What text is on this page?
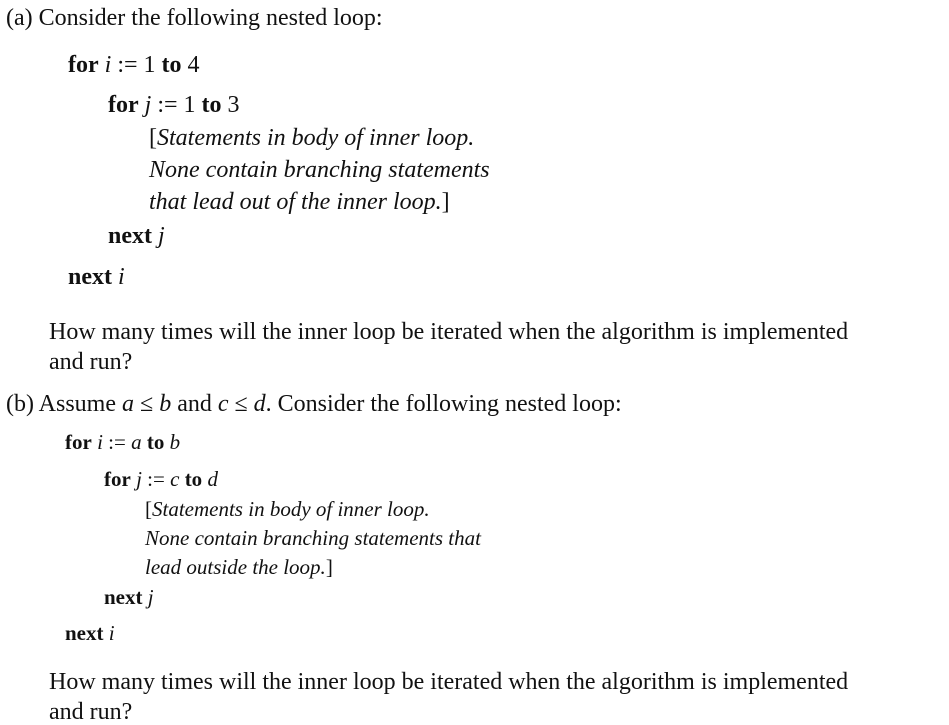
(a) Consider the following nested loop:
for i := 1 to 4
for j := 1 to 3
[Statements in body of inner loop.
None contain branching statements
that lead out of the inner loop.]
next j
next i
How many times will the inner loop be iterated when the algorithm is implemented
and run?
(b) Assume a ≤ b and c ≤ d. Consider the following nested loop:
for i := a to b
for j := c to d
[Statements in body of inner loop.
None contain branching statements that
lead outside the loop.]
next j
next i
How many times will the inner loop be iterated when the algorithm is implemented
and run?
